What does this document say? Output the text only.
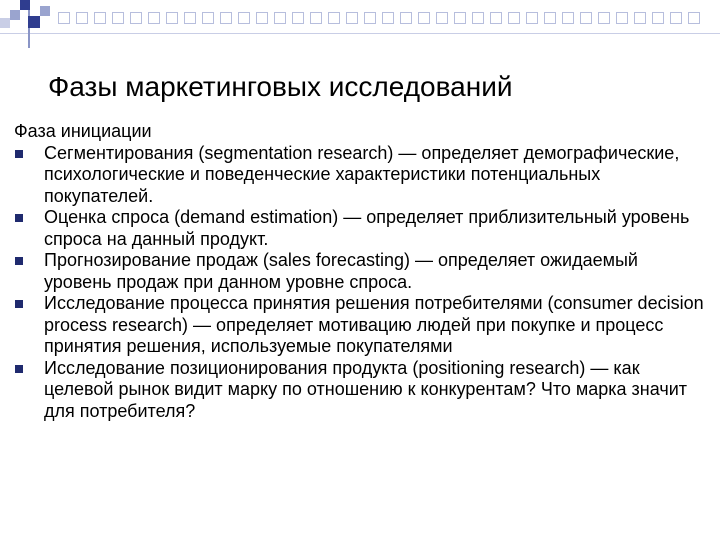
Фазы маркетинговых исследований

Фаза инициации

Сегментирования (segmentation research) — определяет демографические, психологические и поведенческие характеристики потенциальных покупателей.
Оценка спроса (demand estimation) — определяет приблизительный уровень спроса на данный продукт.
Прогнозирование продаж (sales forecasting) — определяет ожидаемый уровень продаж при данном уровне спроса.
Исследование процесса принятия решения потребителями (consumer decision process research) — определяет мотивацию людей при покупке и процесс принятия решения, используемые покупателями
Исследование позиционирования продукта (positioning research) — как целевой рынок видит марку по отношению к конкурентам? Что марка значит для потребителя?
